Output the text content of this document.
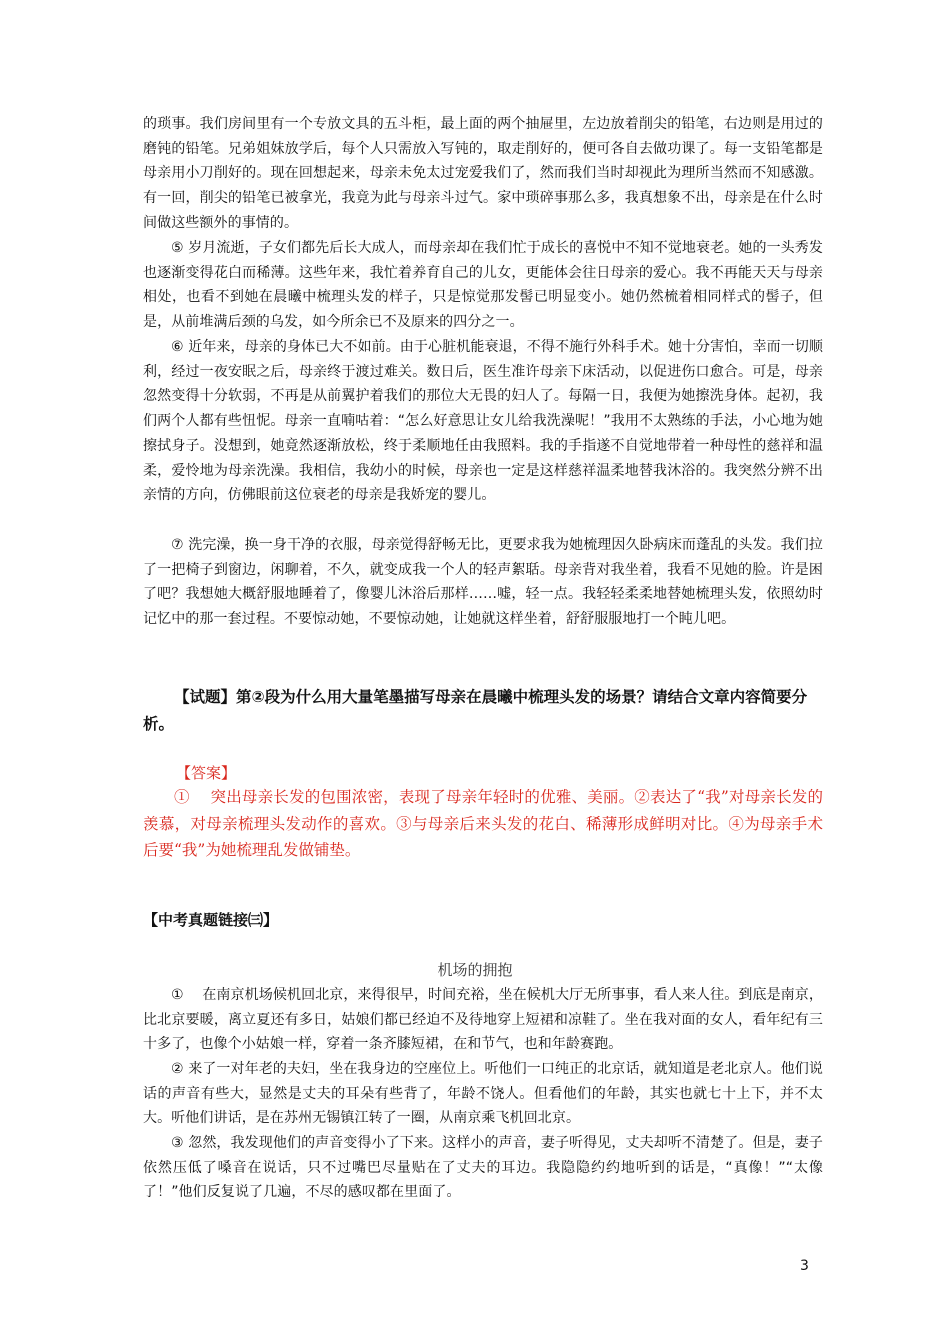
的琐事。我们房间里有一个专放文具的五斗柜，最上面的两个抽屉里，左边放着削尖的铅笔，右边则是用过的磨钝的铅笔。兄弟姐妹放学后，每个人只需放入写钝的，取走削好的，便可各自去做功课了。每一支铅笔都是母亲用小刀削好的。现在回想起来，母亲未免太过宠爱我们了，然而我们当时却视此为理所当然而不知感激。有一回，削尖的铅笔已被拿光，我竟为此与母亲斗过气。家中琐碎事那么多，我真想象不出，母亲是在什么时间做这些额外的事情的。

⑤ 岁月流逝，子女们都先后长大成人，而母亲却在我们忙于成长的喜悦中不知不觉地衰老。她的一头秀发也逐渐变得花白而稀薄。这些年来，我忙着养育自己的儿女，更能体会往日母亲的爱心。我不再能天天与母亲相处，也看不到她在晨曦中梳理头发的样子，只是惊觉那发髻已明显变小。她仍然梳着相同样式的髻子，但是，从前堆满后颈的乌发，如今所余已不及原来的四分之一。

⑥ 近年来，母亲的身体已大不如前。由于心脏机能衰退，不得不施行外科手术。她十分害怕，幸而一切顺利，经过一夜安眠之后，母亲终于渡过难关。数日后，医生准许母亲下床活动，以促进伤口愈合。可是，母亲忽然变得十分软弱，不再是从前翼护着我们的那位大无畏的妇人了。每隔一日，我便为她擦洗身体。起初，我们两个人都有些忸怩。母亲一直喃咕着：“怎么好意思让女儿给我洗澡呢！”我用不太熟练的手法，小心地为她擦拭身子。没想到，她竟然逐渐放松，终于柔顺地任由我照料。我的手指遂不自觉地带着一种母性的慈祥和温柔，爱怜地为母亲洗澡。我相信，我幼小的时候，母亲也一定是这样慈祥温柔地替我沐浴的。我突然分辨不出亲情的方向，仿佛眼前这位衰老的母亲是我娇宠的婴儿。

⑦ 洗完澡，换一身干净的衣服，母亲觉得舒畅无比，更要求我为她梳理因久卧病床而蓬乱的头发。我们拉了一把椅子到窗边，闲聊着，不久，就变成我一个人的轻声絮聒。母亲背对我坐着，我看不见她的脸。许是困了吧？我想她大概舒服地睡着了，像婴儿沐浴后那样……嘘，轻一点。我轻轻柔柔地替她梳理头发，依照幼时记忆中的那一套过程。不要惊动她，不要惊动她，让她就这样坐着，舒舒服服地打一个盹儿吧。

【试题】第②段为什么用大量笔墨描写母亲在晨曦中梳理头发的场景？请结合文章内容简要分析。

【答案】

①　 突出母亲长发的包围浓密，表现了母亲年轻时的优雅、美丽。②表达了“我”对母亲长发的羡慕，对母亲梳理头发动作的喜欢。③与母亲后来头发的花白、稀薄形成鲜明对比。④为母亲手术后要“我”为她梳理乱发做铺垫。

【中考真题链接㈢】

机场的拥抱

①　 在南京机场候机回北京，来得很早，时间充裕，坐在候机大厅无所事事，看人来人往。到底是南京，比北京要暖，离立夏还有多日，姑娘们都已经迫不及待地穿上短裙和凉鞋了。坐在我对面的女人，看年纪有三十多了，也像个小姑娘一样，穿着一条齐膝短裙，在和节气，也和年龄赛跑。

② 来了一对年老的夫妇，坐在我身边的空座位上。听他们一口纯正的北京话，就知道是老北京人。他们说话的声音有些大，显然是丈夫的耳朵有些背了，年龄不饶人。但看他们的年龄，其实也就七十上下，并不太大。听他们讲话，是在苏州无锡镇江转了一圈，从南京乘飞机回北京。

③ 忽然，我发现他们的声音变得小了下来。这样小的声音，妻子听得见，丈夫却听不清楚了。但是，妻子依然压低了嗓音在说话，只不过嘴巴尽量贴在了丈夫的耳边。我隐隐约约地听到的话是，“真像！”“太像了！”他们反复说了几遍，不尽的感叹都在里面了。

3
